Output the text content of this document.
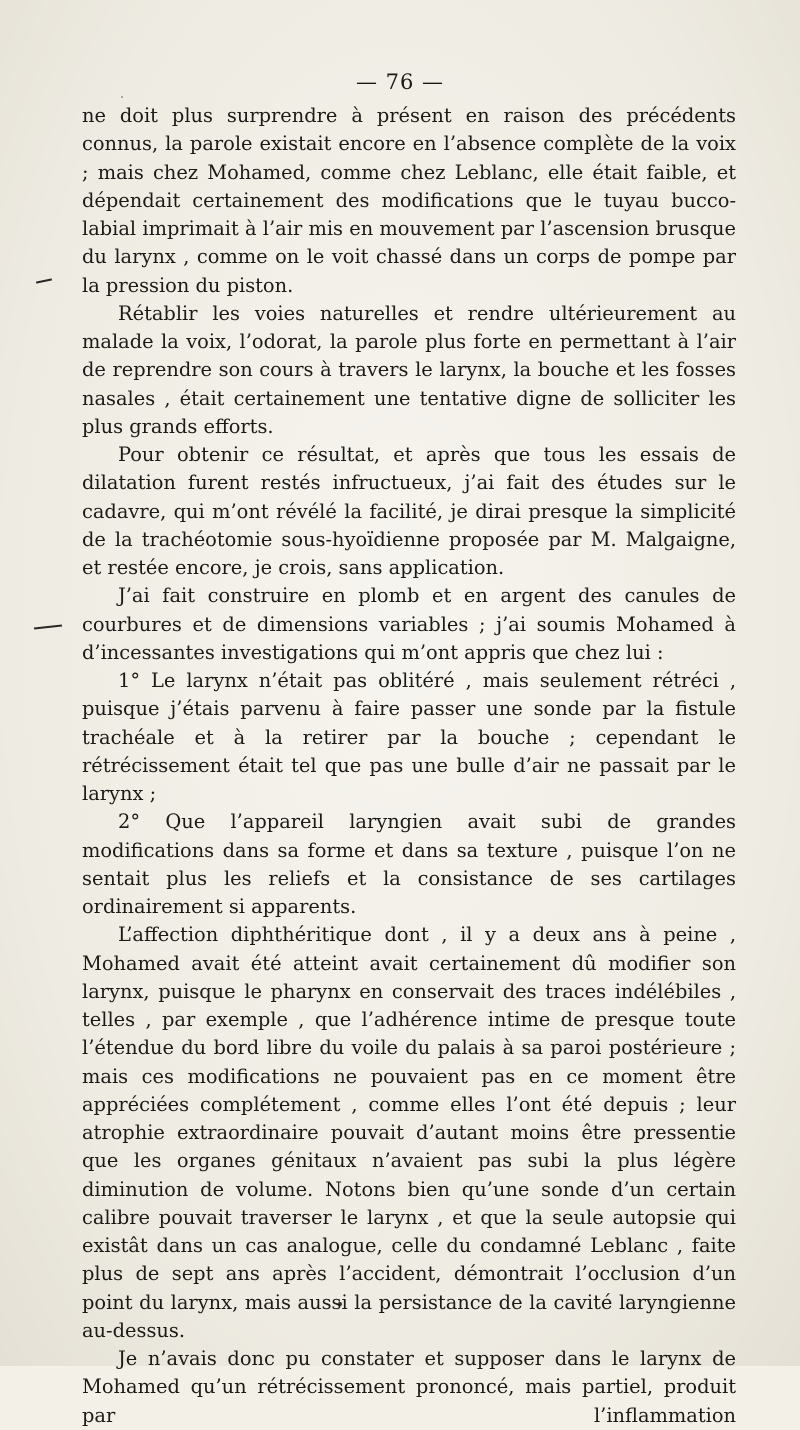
— 76 —

ne doit plus surprendre à présent en raison des précédents connus, la parole existait encore en l’absence complète de la voix ; mais chez Mohamed, comme chez Leblanc, elle était faible, et dépendait certainement des modifications que le tuyau bucco-labial imprimait à l’air mis en mouvement par l’ascension brusque du larynx , comme on le voit chassé dans un corps de pompe par la pression du piston.

Rétablir les voies naturelles et rendre ultérieurement au malade la voix, l’odorat, la parole plus forte en permettant à l’air de reprendre son cours à travers le larynx, la bouche et les fosses nasales , était certainement une tentative digne de solliciter les plus grands efforts.

Pour obtenir ce résultat, et après que tous les essais de dilatation furent restés infructueux, j’ai fait des études sur le cadavre, qui m’ont révélé la facilité, je dirai presque la simplicité de la trachéotomie sous-hyoïdienne proposée par M. Malgaigne, et restée encore, je crois, sans application.

J’ai fait construire en plomb et en argent des canules de courbures et de dimensions variables ; j’ai soumis Mohamed à d’incessantes investigations qui m’ont appris que chez lui :

1° Le larynx n’était pas oblitéré , mais seulement rétréci , puisque j’étais parvenu à faire passer une sonde par la fistule trachéale et à la retirer par la bouche ; cependant le rétrécissement était tel que pas une bulle d’air ne passait par le larynx ;

2° Que l’appareil laryngien avait subi de grandes modifications dans sa forme et dans sa texture , puisque l’on ne sentait plus les reliefs et la consistance de ses cartilages ordinairement si apparents.

L’affection diphthéritique dont , il y a deux ans à peine , Mohamed avait été atteint avait certainement dû modifier son larynx, puisque le pharynx en conservait des traces indélébiles , telles , par exemple , que l’adhérence intime de presque toute l’étendue du bord libre du voile du palais à sa paroi postérieure ; mais ces modifications ne pouvaient pas en ce moment être appréciées complétement , comme elles l’ont été depuis ; leur atrophie extraordinaire pouvait d’autant moins être pressentie que les organes génitaux n’avaient pas subi la plus légère diminution de volume. Notons bien qu’une sonde d’un certain calibre pouvait traverser le larynx , et que la seule autopsie qui existât dans un cas analogue, celle du condamné Leblanc , faite plus de sept ans après l’accident, démontrait l’occlusion d’un point du larynx, mais aussi la persistance de la cavité laryngienne au-dessus.

Je n’avais donc pu constater et supposer dans le larynx de Mohamed qu’un rétrécissement prononcé, mais partiel, produit par l’inflammation
